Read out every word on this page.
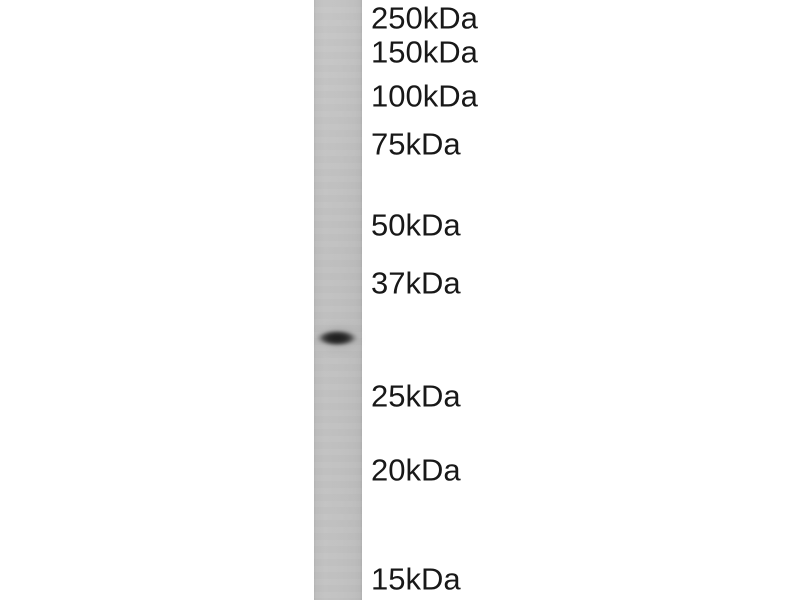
250kDa
150kDa
100kDa
75kDa
50kDa
37kDa
25kDa
20kDa
15kDa
